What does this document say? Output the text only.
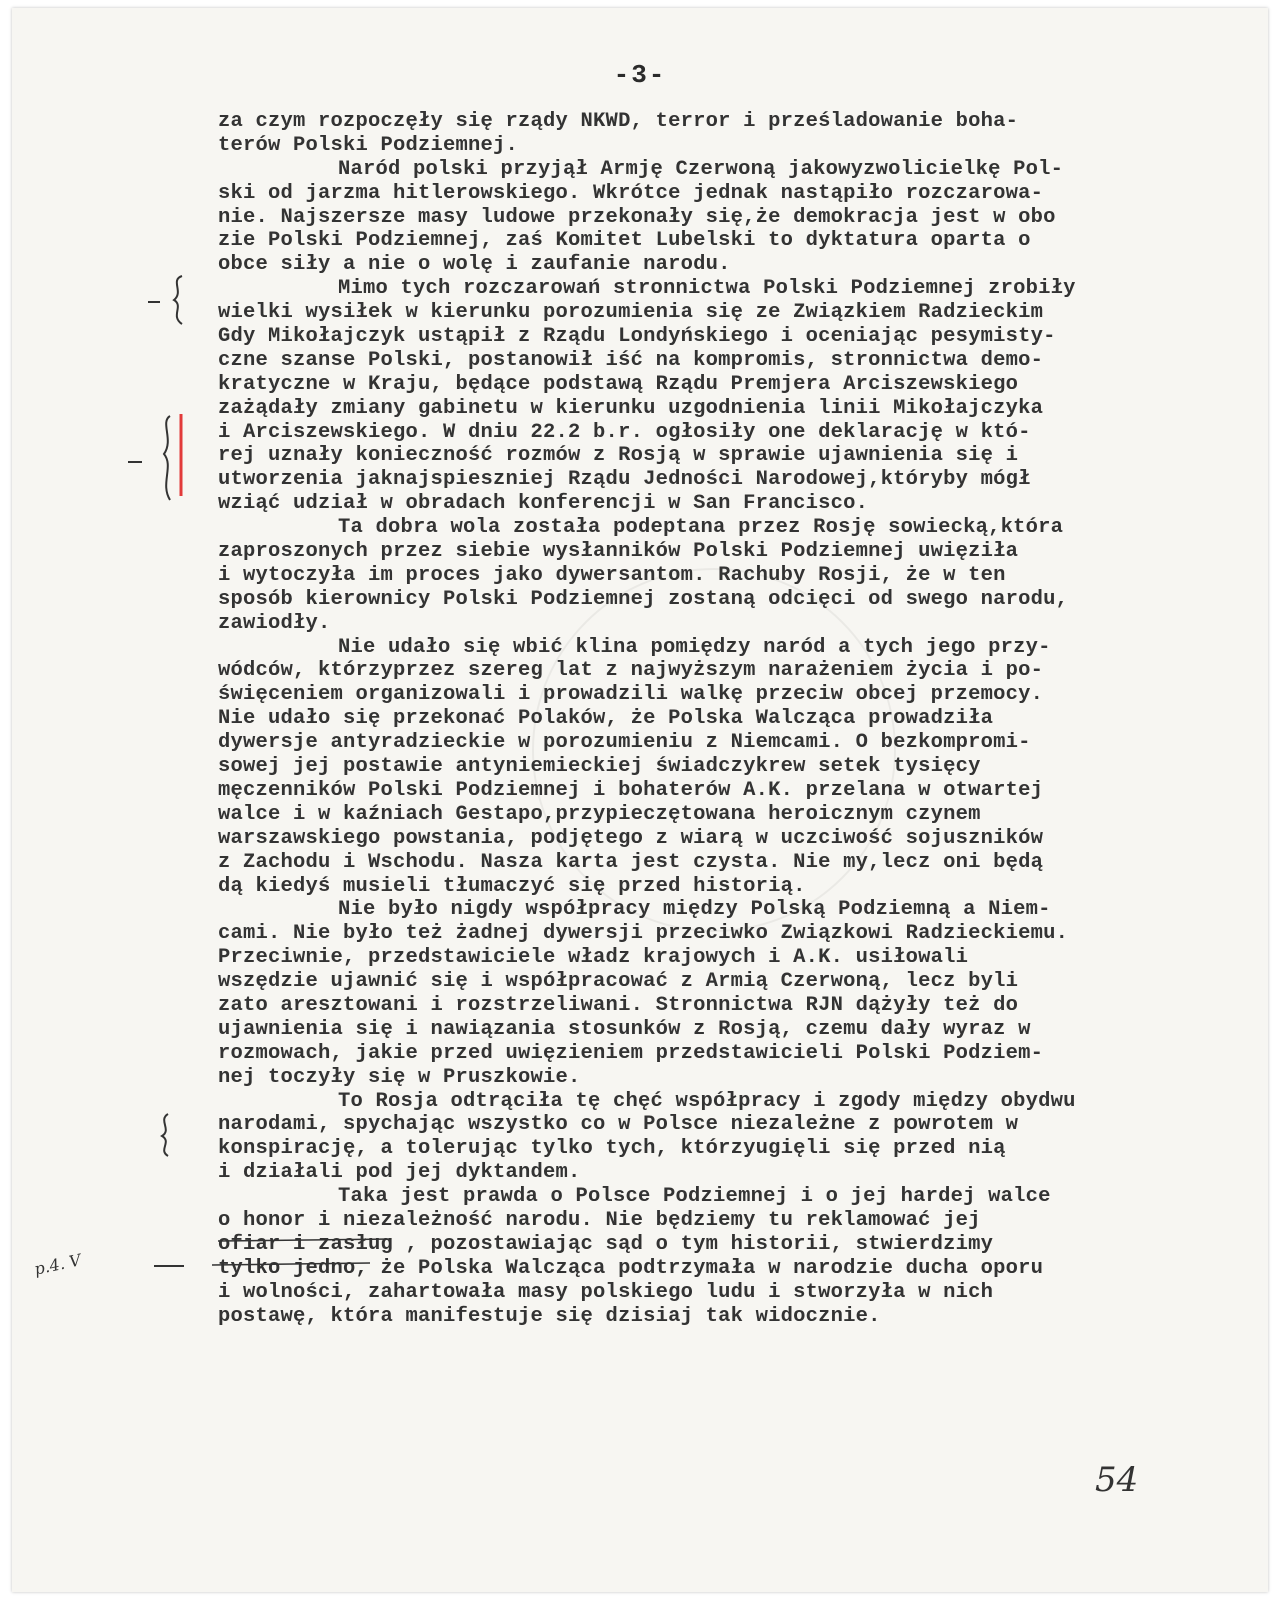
-3-
za czym rozpoczęły się rządy NKWD, terror i prześladowanie boha-
terów Polski Podziemnej.
Naród polski przyjął Armję Czerwoną jakowyzwolicielkę Pol-
ski od jarzma hitlerowskiego. Wkrótce jednak nastąpiło rozczarowa-
nie. Najszersze masy ludowe przekonały się,że demokracja jest w obo
zie Polski Podziemnej, zaś Komitet Lubelski to dyktatura oparta o
obce siły a nie o wolę i zaufanie narodu.
Mimo tych rozczarowań stronnictwa Polski Podziemnej zrobiły
wielki wysiłek w kierunku porozumienia się ze Związkiem Radzieckim
Gdy Mikołajczyk ustąpił z Rządu Londyńskiego i oceniając pesymisty-
czne szanse Polski, postanowił iść na kompromis, stronnictwa demo-
kratyczne w Kraju, będące podstawą Rządu Premjera Arciszewskiego
zażądały zmiany gabinetu w kierunku uzgodnienia linii Mikołajczyka
i Arciszewskiego. W dniu 22.2 b.r. ogłosiły one deklarację w któ-
rej uznały konieczność rozmów z Rosją w sprawie ujawnienia się i
utworzenia jaknajspieszniej Rządu Jedności Narodowej,któryby mógł
wziąć udział w obradach konferencji w San Francisco.
Ta dobra wola została podeptana przez Rosję sowiecką,która
zaproszonych przez siebie wysłanników Polski Podziemnej uwięziła
i wytoczyła im proces jako dywersantom. Rachuby Rosji, że w ten
sposób kierownicy Polski Podziemnej zostaną odcięci od swego narodu,
zawiodły.
Nie udało się wbić klina pomiędzy naród a tych jego przy-
wódców, którzyprzez szereg lat z najwyższym narażeniem życia i po-
święceniem organizowali i prowadzili walkę przeciw obcej przemocy.
Nie udało się przekonać Polaków, że Polska Walcząca prowadziła
dywersje antyradzieckie w porozumieniu z Niemcami. O bezkompromi-
sowej jej postawie antyniemieckiej świadczykrew setek tysięcy
męczenników Polski Podziemnej i bohaterów A.K. przelana w otwartej
walce i w kaźniach Gestapo,przypieczętowana heroicznym czynem
warszawskiego powstania, podjętego z wiarą w uczciwość sojuszników
z Zachodu i Wschodu. Nasza karta jest czysta. Nie my,lecz oni będą
dą kiedyś musieli tłumaczyć się przed historią.
Nie było nigdy współpracy między Polską Podziemną a Niem-
cami. Nie było też żadnej dywersji przeciwko Związkowi Radzieckiemu.
Przeciwnie, przedstawiciele władz krajowych i A.K. usiłowali
wszędzie ujawnić się i współpracować z Armią Czerwoną, lecz byli
zato aresztowani i rozstrzeliwani. Stronnictwa RJN dążyły też do
ujawnienia się i nawiązania stosunków z Rosją, czemu dały wyraz w
rozmowach, jakie przed uwięzieniem przedstawicieli Polski Podziem-
nej toczyły się w Pruszkowie.
To Rosja odtrąciła tę chęć współpracy i zgody między obydwu
narodami, spychając wszystko co w Polsce niezależne z powrotem w
konspirację, a tolerując tylko tych, którzyugięli się przed nią
i działali pod jej dyktandem.
Taka jest prawda o Polsce Podziemnej i o jej hardej walce
o honor i niezależność narodu. Nie będziemy tu reklamować jej
ofiar i zasług , pozostawiając sąd o tym historii, stwierdzimy
tylko jedno, że Polska Walcząca podtrzymała w narodzie ducha oporu
i wolności, zahartowała masy polskiego ludu i stworzyła w nich
postawę, która manifestuje się dzisiaj tak widocznie.
p.4. V
54
